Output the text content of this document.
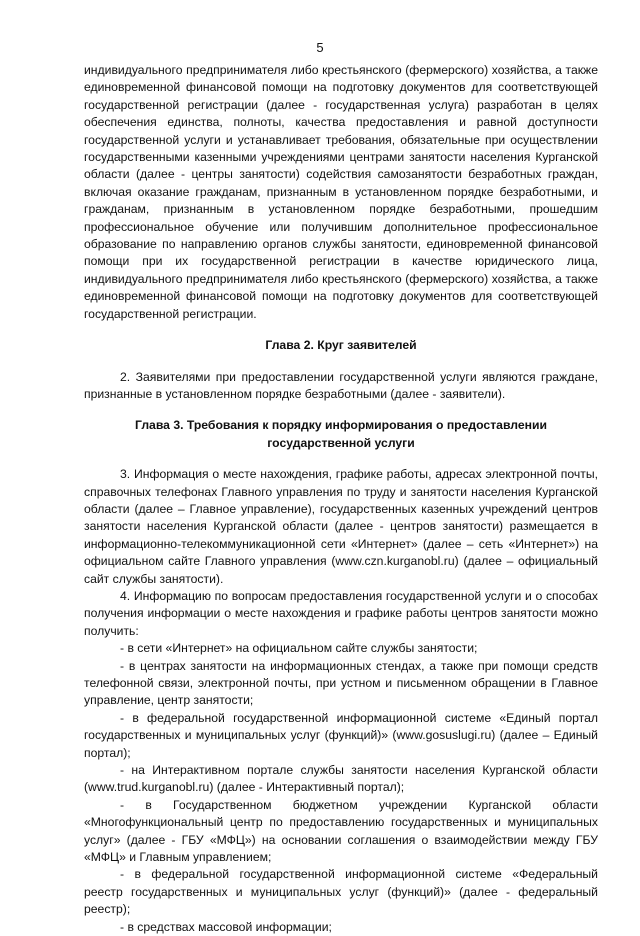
5

индивидуального предпринимателя либо крестьянского (фермерского) хозяйства, а также единовременной финансовой помощи на подготовку документов для соответствующей государственной регистрации (далее - государственная услуга) разработан в целях обеспечения единства, полноты, качества предоставления и равной доступности государственной услуги и устанавливает требования, обязательные при осуществлении государственными казенными учреждениями центрами занятости населения Курганской области (далее - центры занятости) содействия самозанятости безработных граждан, включая оказание гражданам, признанным в установленном порядке безработными, и гражданам, признанным в установленном порядке безработными, прошедшим профессиональное обучение или получившим дополнительное профессиональное образование по направлению органов службы занятости, единовременной финансовой помощи при их государственной регистрации в качестве юридического лица, индивидуального предпринимателя либо крестьянского (фермерского) хозяйства, а также единовременной финансовой помощи на подготовку документов для соответствующей государственной регистрации.

Глава 2. Круг заявителей

2. Заявителями при предоставлении государственной услуги являются граждане, признанные в установленном порядке безработными (далее - заявители).

Глава 3. Требования к порядку информирования о предоставлении
государственной услуги

3. Информация о месте нахождения, графике работы, адресах электронной почты, справочных телефонах Главного управления по труду и занятости населения Курганской области (далее – Главное управление), государственных казенных учреждений центров занятости населения Курганской области (далее - центров занятости) размещается в информационно-телекоммуникационной сети «Интернет» (далее – сеть «Интернет») на официальном сайте Главного управления (www.czn.kurganobl.ru) (далее – официальный сайт службы занятости).

4. Информацию по вопросам предоставления государственной услуги и о способах получения информации о месте нахождения и графике работы центров занятости можно получить:

- в сети «Интернет» на официальном сайте службы занятости;

- в центрах занятости на информационных стендах, а также при помощи средств телефонной связи, электронной почты, при устном и письменном обращении в Главное управление, центр занятости;

- в федеральной государственной информационной системе «Единый портал государственных и муниципальных услуг (функций)» (www.gosuslugi.ru) (далее – Единый портал);

- на Интерактивном портале службы занятости населения Курганской области (www.trud.kurganobl.ru) (далее - Интерактивный портал);

- в Государственном бюджетном учреждении Курганской области «Многофункциональный центр по предоставлению государственных и муниципальных услуг» (далее - ГБУ «МФЦ») на основании соглашения о взаимодействии между ГБУ «МФЦ» и Главным управлением;

- в федеральной государственной информационной системе «Федеральный реестр государственных и муниципальных услуг (функций)» (далее - федеральный реестр);

- в средствах массовой информации;
